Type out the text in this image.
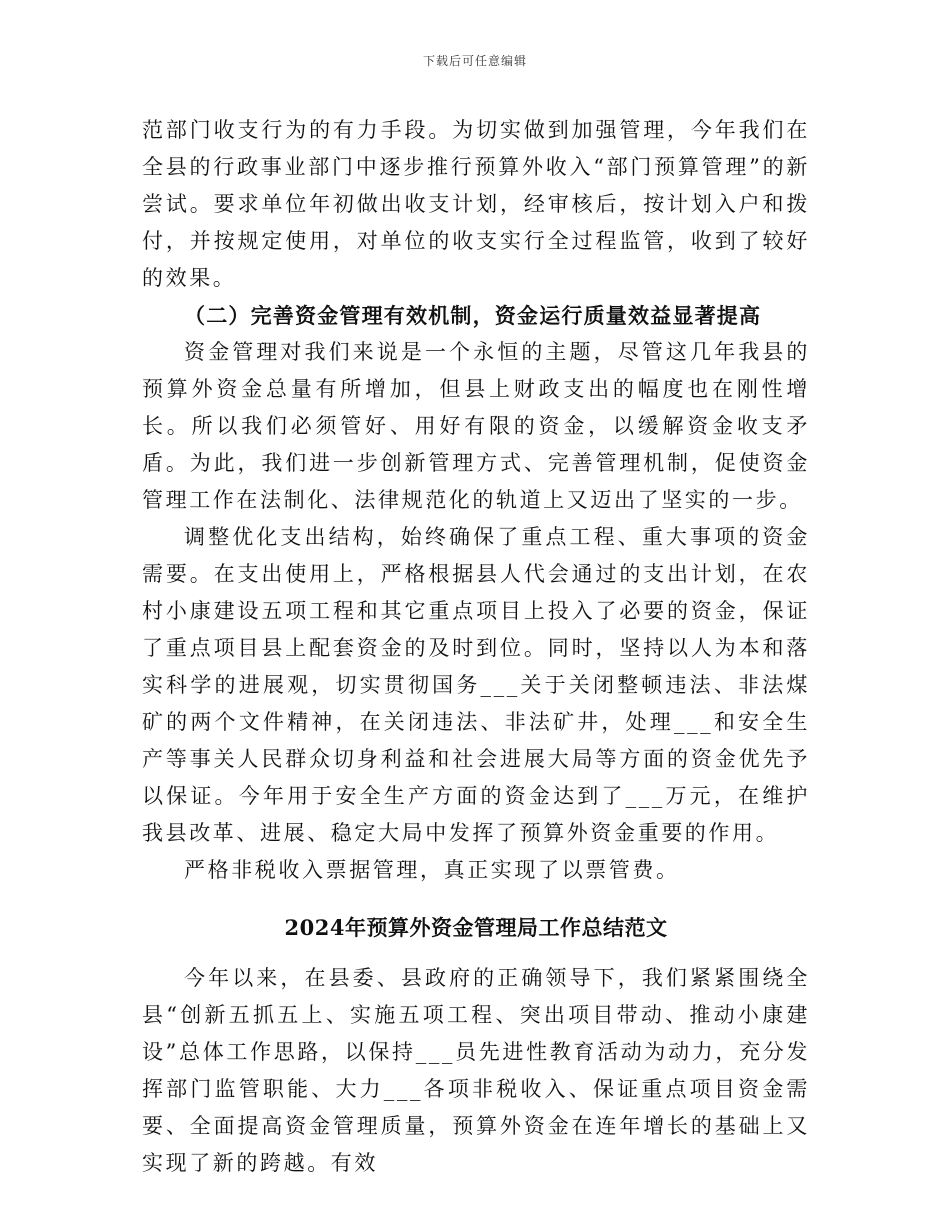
下载后可任意编辑

范部门收支行为的有力手段。为切实做到加强管理，今年我们在全县的行政事业部门中逐步推行预算外收入“部门预算管理”的新尝试。要求单位年初做出收支计划，经审核后，按计划入户和拨付，并按规定使用，对单位的收支实行全过程监管，收到了较好的效果。

（二）完善资金管理有效机制，资金运行质量效益显著提高

资金管理对我们来说是一个永恒的主题，尽管这几年我县的预算外资金总量有所增加，但县上财政支出的幅度也在刚性增长。所以我们必须管好、用好有限的资金，以缓解资金收支矛盾。为此，我们进一步创新管理方式、完善管理机制，促使资金管理工作在法制化、法律规范化的轨道上又迈出了坚实的一步。

调整优化支出结构，始终确保了重点工程、重大事项的资金需要。在支出使用上，严格根据县人代会通过的支出计划，在农村小康建设五项工程和其它重点项目上投入了必要的资金，保证了重点项目县上配套资金的及时到位。同时，坚持以人为本和落实科学的进展观，切实贯彻国务___关于关闭整顿违法、非法煤矿的两个文件精神，在关闭违法、非法矿井，处理___和安全生产等事关人民群众切身利益和社会进展大局等方面的资金优先予以保证。今年用于安全生产方面的资金达到了___万元，在维护我县改革、进展、稳定大局中发挥了预算外资金重要的作用。

严格非税收入票据管理，真正实现了以票管费。

2024年预算外资金管理局工作总结范文

今年以来，在县委、县政府的正确领导下，我们紧紧围绕全县“创新五抓五上、实施五项工程、突出项目带动、推动小康建设”总体工作思路，以保持___员先进性教育活动为动力，充分发挥部门监管职能、大力___各项非税收入、保证重点项目资金需要、全面提高资金管理质量，预算外资金在连年增长的基础上又实现了新的跨越。有效
